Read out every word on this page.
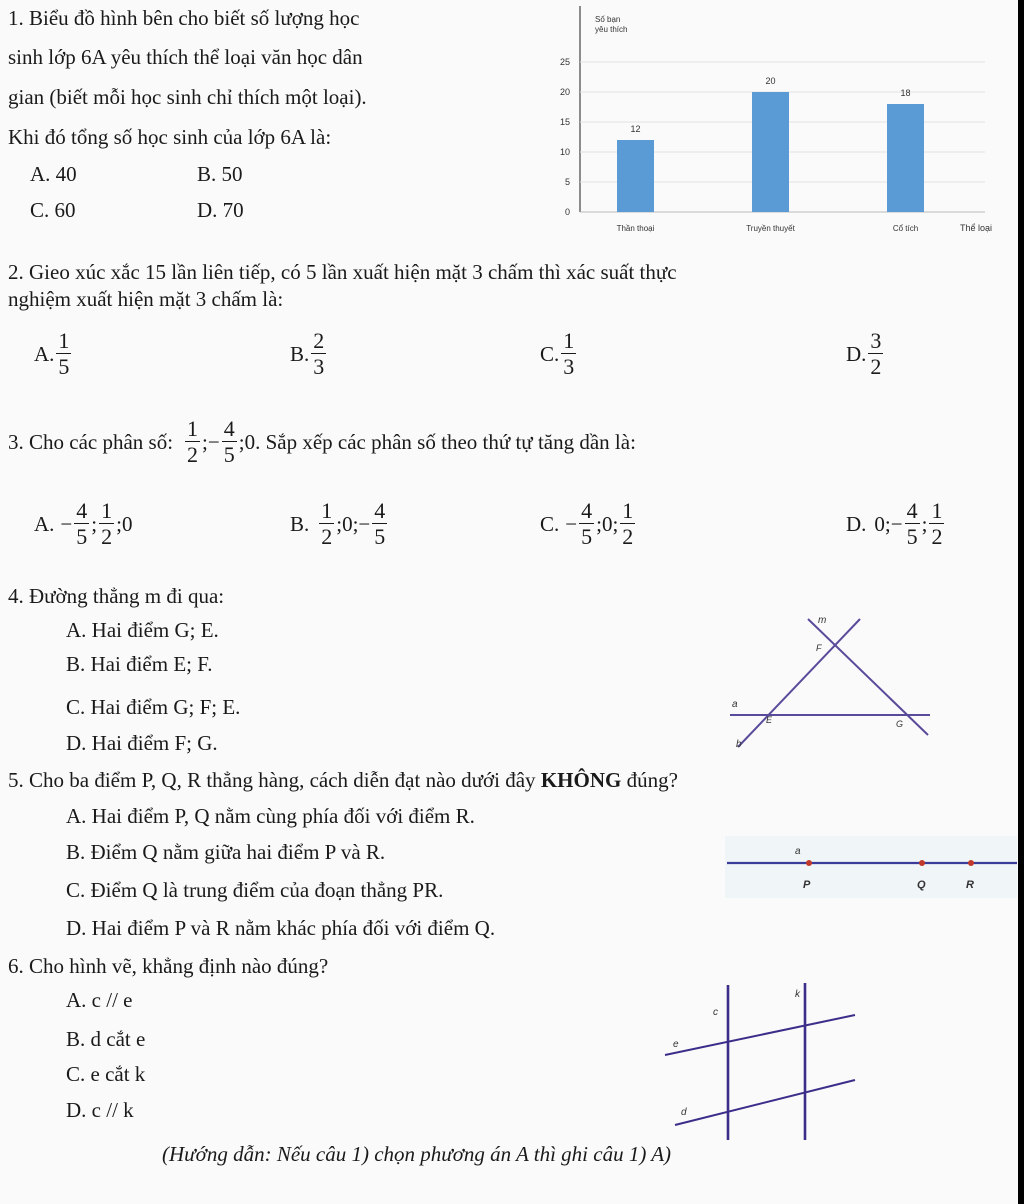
1. Biểu đồ hình bên cho biết số lượng học
sinh lớp 6A yêu thích thể loại văn học dân
gian (biết mỗi học sinh chỉ thích một loại).
Khi đó tổng số học sinh của lớp 6A là:
A. 40	B. 50
C. 60	D. 70	0
5
10
15
20
25
12
Thần thoại
20
Truyền thuyết
18
Cổ tích
Số bạn yêu thích
Thể loại
2. Gieo xúc xắc 15 lần liên tiếp, có 5 lần xuất hiện mặt 3 chấm thì xác suất thực
nghiệm xuất hiện mặt 3 chấm là:
A. $\frac{1}{5}$	B. $\frac{2}{3}$	C. $\frac{1}{3}$	D. $\frac{3}{2}$
3. Cho các phân số: $\frac{1}{2}$ ;− $\frac{4}{5}$ ;0 . Sắp xếp các phân số theo thứ tự tăng dần là:
A. − $\frac{4}{5}$ ; $\frac{1}{2}$ ;0	B. $\frac{1}{2}$ ;0;− $\frac{4}{5}$	C. − $\frac{4}{5}$ ;0; $\frac{1}{2}$	D. 0;− $\frac{4}{5}$ ; $\frac{1}{2}$
4. Đường thẳng m đi qua:
A. Hai điểm G; E.
B. Hai điểm E; F.
C. Hai điểm G; F; E.
D. Hai điểm F; G.
m
F
a
E	G
b
5. Cho ba điểm P, Q, R thẳng hàng, cách diễn đạt nào dưới đây KHÔNG đúng?
A. Hai điểm P, Q nằm cùng phía đối với điểm R.
B. Điểm Q nằm giữa hai điểm P và R.
C. Điểm Q là trung điểm của đoạn thẳng PR.
D. Hai điểm P và R nằm khác phía đối với điểm Q.
a
P	Q	R
6. Cho hình vẽ, khẳng định nào đúng?
A. c // e
B. d cắt e
C. e cắt k
D. c // k
k
c
e
d
(Hướng dẫn: Nếu câu 1) chọn phương án A thì ghi câu 1) A)
